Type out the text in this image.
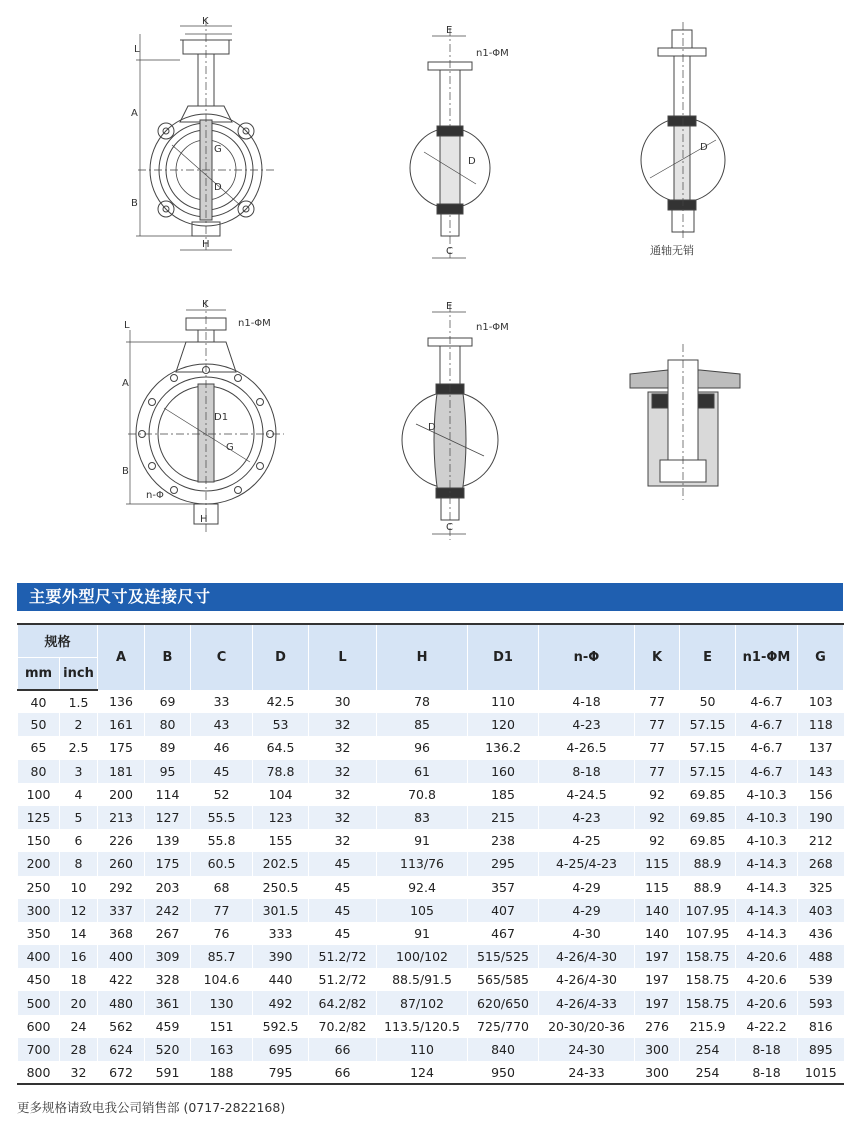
K
L
A
B
G
D
H
E
n1-ΦM
D
C
D
通轴无销
K
L	n1-ΦM
A
B
D1
G
n-Φ
H
E
n1-ΦM
D
C
主要外型尺寸及连接尺寸
规格		A	B	C	D	L	H	D1	n-Φ	K	E	n1-ΦM	G
mm	inch												
40	1.5	136	69	33	42.5	30	78	110	4-18	77	50	4-6.7	103
50	2	161	80	43	53	32	85	120	4-23	77	57.15	4-6.7	118
65	2.5	175	89	46	64.5	32	96	136.2	4-26.5	77	57.15	4-6.7	137
80	3	181	95	45	78.8	32	61	160	8-18	77	57.15	4-6.7	143
100	4	200	114	52	104	32	70.8	185	4-24.5	92	69.85	4-10.3	156
125	5	213	127	55.5	123	32	83	215	4-23	92	69.85	4-10.3	190
150	6	226	139	55.8	155	32	91	238	4-25	92	69.85	4-10.3	212
200	8	260	175	60.5	202.5	45	113/76	295	4-25/4-23	115	88.9	4-14.3	268
250	10	292	203	68	250.5	45	92.4	357	4-29	115	88.9	4-14.3	325
300	12	337	242	77	301.5	45	105	407	4-29	140	107.95	4-14.3	403
350	14	368	267	76	333	45	91	467	4-30	140	107.95	4-14.3	436
400	16	400	309	85.7	390	51.2/72	100/102	515/525	4-26/4-30	197	158.75	4-20.6	488
450	18	422	328	104.6	440	51.2/72	88.5/91.5	565/585	4-26/4-30	197	158.75	4-20.6	539
500	20	480	361	130	492	64.2/82	87/102	620/650	4-26/4-33	197	158.75	4-20.6	593
600	24	562	459	151	592.5	70.2/82	113.5/120.5	725/770	20-30/20-36	276	215.9	4-22.2	816
700	28	624	520	163	695	66	110	840	24-30	300	254	8-18	895
800	32	672	591	188	795	66	124	950	24-33	300	254	8-18	1015
更多规格请致电我公司销售部 (0717-2822168)
